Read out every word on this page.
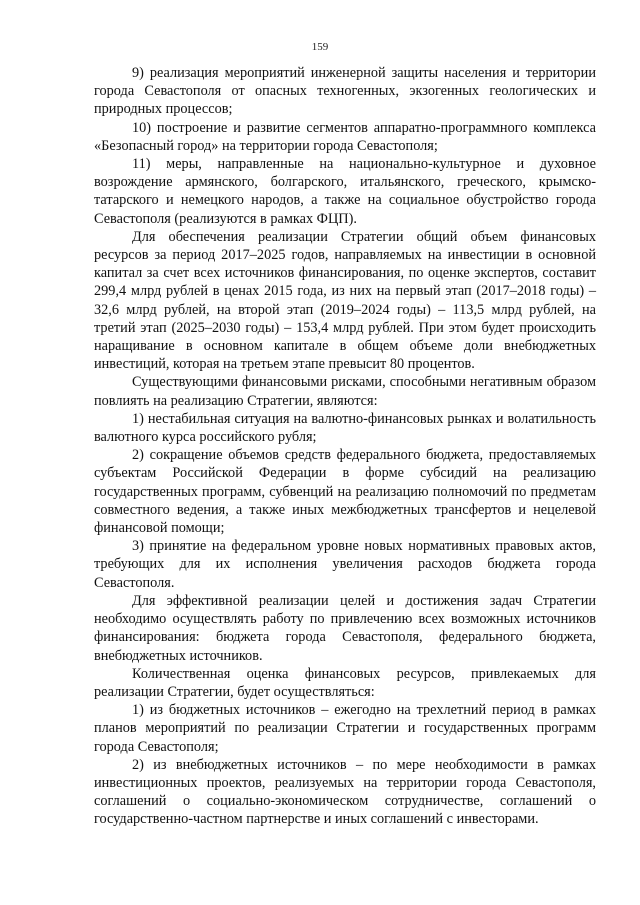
159

9) реализация мероприятий инженерной защиты населения и территории города Севастополя от опасных техногенных, экзогенных геологических и природных процессов;

10) построение и развитие сегментов аппаратно-программного комплекса «Безопасный город» на территории города Севастополя;

11) меры, направленные на национально-культурное и духовное возрождение армянского, болгарского, итальянского, греческого, крымско-татарского и немецкого народов, а также на социальное обустройство города Севастополя (реализуются в рамках ФЦП).

Для обеспечения реализации Стратегии общий объем финансовых ресурсов за период 2017–2025 годов, направляемых на инвестиции в основной капитал за счет всех источников финансирования, по оценке экспертов, составит 299,4 млрд рублей в ценах 2015 года, из них на первый этап (2017–2018 годы) – 32,6 млрд рублей, на второй этап (2019–2024 годы) – 113,5 млрд рублей, на третий этап (2025–2030 годы) – 153,4 млрд рублей. При этом будет происходить наращивание в основном капитале в общем объеме доли внебюджетных инвестиций, которая на третьем этапе превысит 80 процентов.

Существующими финансовыми рисками, способными негативным образом повлиять на реализацию Стратегии, являются:

1) нестабильная ситуация на валютно-финансовых рынках и волатильность валютного курса российского рубля;

2) сокращение объемов средств федерального бюджета, предоставляемых субъектам Российской Федерации в форме субсидий на реализацию государственных программ, субвенций на реализацию полномочий по предметам совместного ведения, а также иных межбюджетных трансфертов и нецелевой финансовой помощи;

3) принятие на федеральном уровне новых нормативных правовых актов, требующих для их исполнения увеличения расходов бюджета города Севастополя.

Для эффективной реализации целей и достижения задач Стратегии необходимо осуществлять работу по привлечению всех возможных источников финансирования: бюджета города Севастополя, федерального бюджета, внебюджетных источников.

Количественная оценка финансовых ресурсов, привлекаемых для реализации Стратегии, будет осуществляться:

1) из бюджетных источников – ежегодно на трехлетний период в рамках планов мероприятий по реализации Стратегии и государственных программ города Севастополя;

2) из внебюджетных источников – по мере необходимости в рамках инвестиционных проектов, реализуемых на территории города Севастополя, соглашений о социально-экономическом сотрудничестве, соглашений о государственно-частном партнерстве и иных соглашений с инвесторами.
